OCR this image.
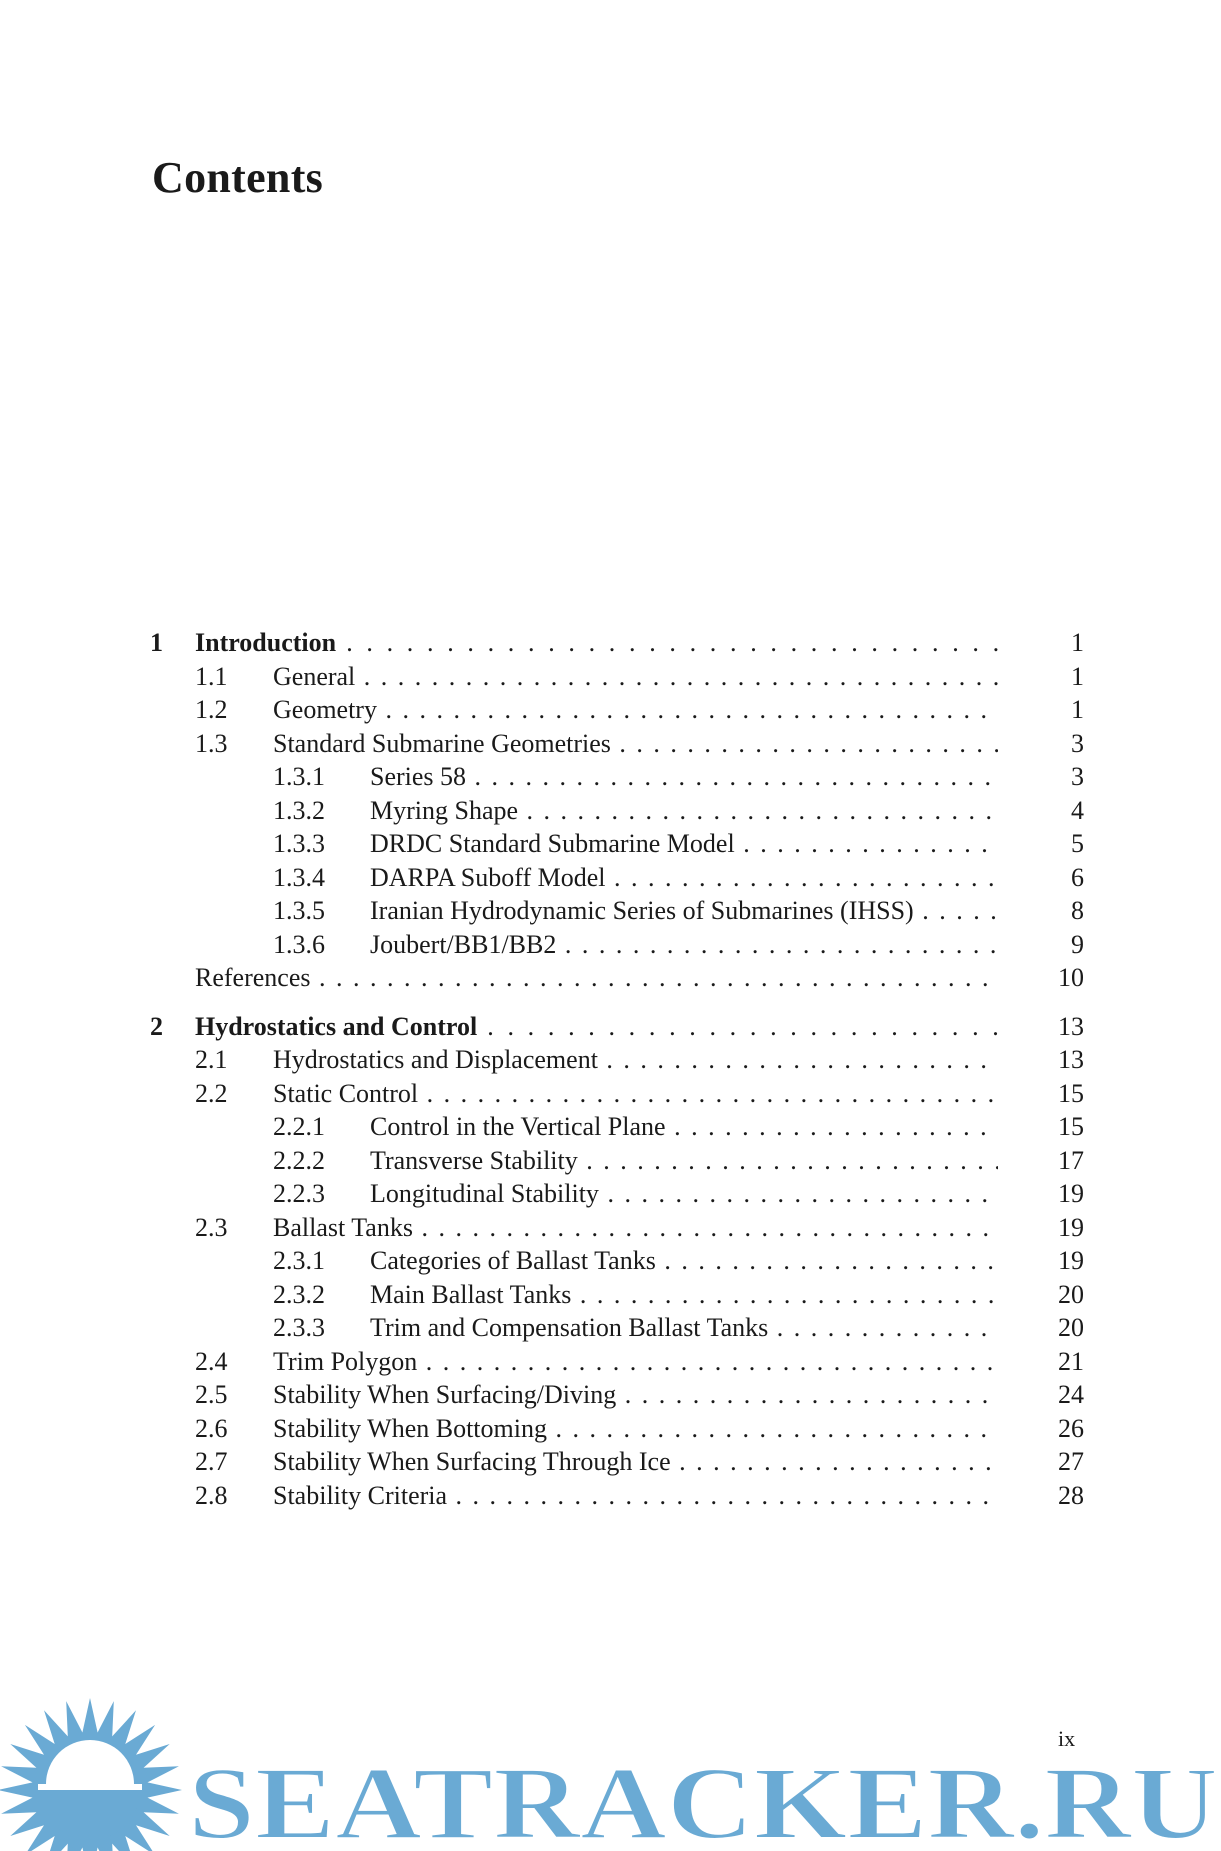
Contents
1 Introduction . . .	1
1.1 General . . .	1
1.2 Geometry . . .	1
1.3 Standard Submarine Geometries . . .	3
1.3.1 Series 58 . . .	3
1.3.2 Myring Shape . . .	4
1.3.3 DRDC Standard Submarine Model . . .	5
1.3.4 DARPA Suboff Model . . .	6
1.3.5 Iranian Hydrodynamic Series of Submarines (IHSS) . . .	8
1.3.6 Joubert/BB1/BB2 . . .	9
References . . .	10
2 Hydrostatics and Control . . .	13
2.1 Hydrostatics and Displacement . . .	13
2.2 Static Control . . .	15
2.2.1 Control in the Vertical Plane . . .	15
2.2.2 Transverse Stability . . .	17
2.2.3 Longitudinal Stability . . .	19
2.3 Ballast Tanks . . .	19
2.3.1 Categories of Ballast Tanks . . .	19
2.3.2 Main Ballast Tanks . . .	20
2.3.3 Trim and Compensation Ballast Tanks . . .	20
2.4 Trim Polygon . . .	21
2.5 Stability When Surfacing/Diving . . .	24
2.6 Stability When Bottoming . . .	26
2.7 Stability When Surfacing Through Ice . . .	27
2.8 Stability Criteria . . .	28
ix
SEATRACKER.RU
